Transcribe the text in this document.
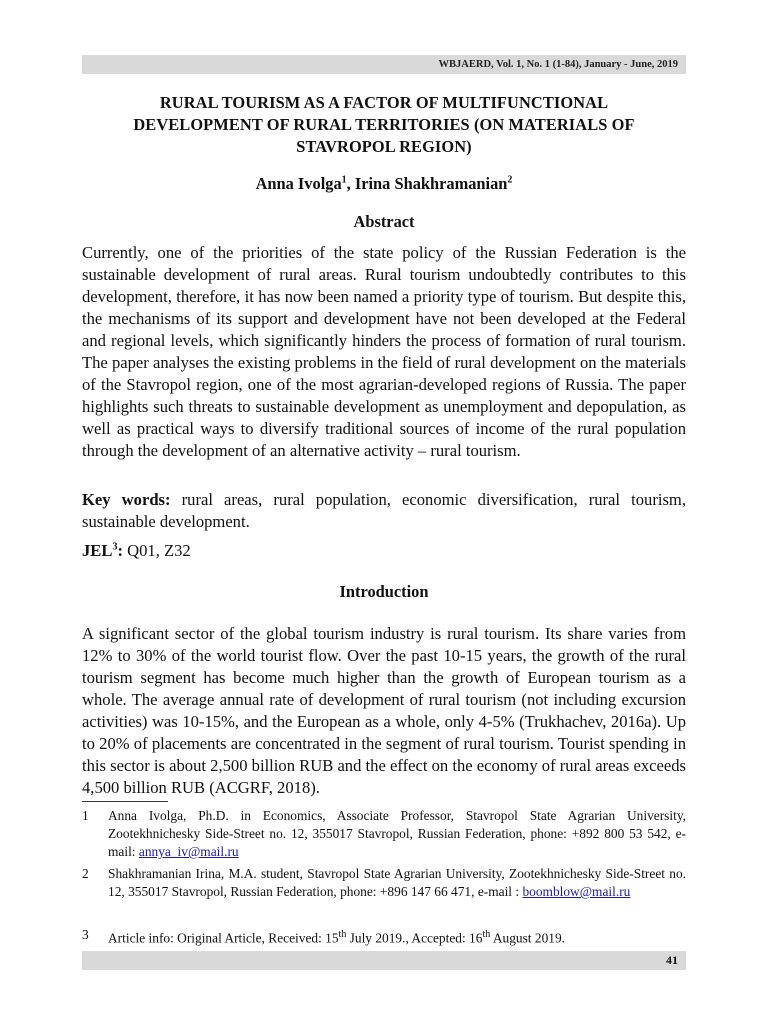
WBJAERD, Vol. 1, No. 1 (1-84), January - June, 2019
RURAL TOURISM AS A FACTOR OF MULTIFUNCTIONAL
DEVELOPMENT OF RURAL TERRITORIES (ON MATERIALS OF
STAVROPOL REGION)
Anna Ivolga$^1$, Irina Shakhramanian$^2$
Abstract
Currently, one of the priorities of the state policy of the Russian Federation is the sustainable development of rural areas. Rural tourism undoubtedly contributes to this development, therefore, it has now been named a priority type of tourism. But despite this, the mechanisms of its support and development have not been developed at the Federal and regional levels, which significantly hinders the process of formation of rural tourism. The paper analyses the existing problems in the field of rural development on the materials of the Stavropol region, one of the most agrarian-developed regions of Russia. The paper highlights such threats to sustainable development as unemployment and depopulation, as well as practical ways to diversify traditional sources of income of the rural population through the development of an alternative activity – rural tourism.
Key words: rural areas, rural population, economic diversification, rural tourism, sustainable development.
JEL$^3$: Q01, Z32
Introduction
A significant sector of the global tourism industry is rural tourism. Its share varies from 12% to 30% of the world tourist flow. Over the past 10-15 years, the growth of the rural tourism segment has become much higher than the growth of European tourism as a whole. The average annual rate of development of rural tourism (not including excursion activities) was 10-15%, and the European as a whole, only 4-5% (Trukhachev, 2016a). Up to 20% of placements are concentrated in the segment of rural tourism. Tourist spending in this sector is about 2,500 billion RUB and the effect on the economy of rural areas exceeds 4,500 billion RUB (ACGRF, 2018).
1	Anna Ivolga, Ph.D. in Economics, Associate Professor, Stavropol State Agrarian University, Zootekhnichesky Side-Street no. 12, 355017 Stavropol, Russian Federation, phone: +892 800 53 542, e-mail: annya_iv@mail.ru
2	Shakhramanian Irina, M.A. student, Stavropol State Agrarian University, Zootekhnichesky Side-Street no. 12, 355017 Stavropol, Russian Federation, phone: +896 147 66 471, e-mail : boomblow@mail.ru
3	Article info: Original Article, Received: 15th July 2019., Accepted: 16th August 2019.
41
